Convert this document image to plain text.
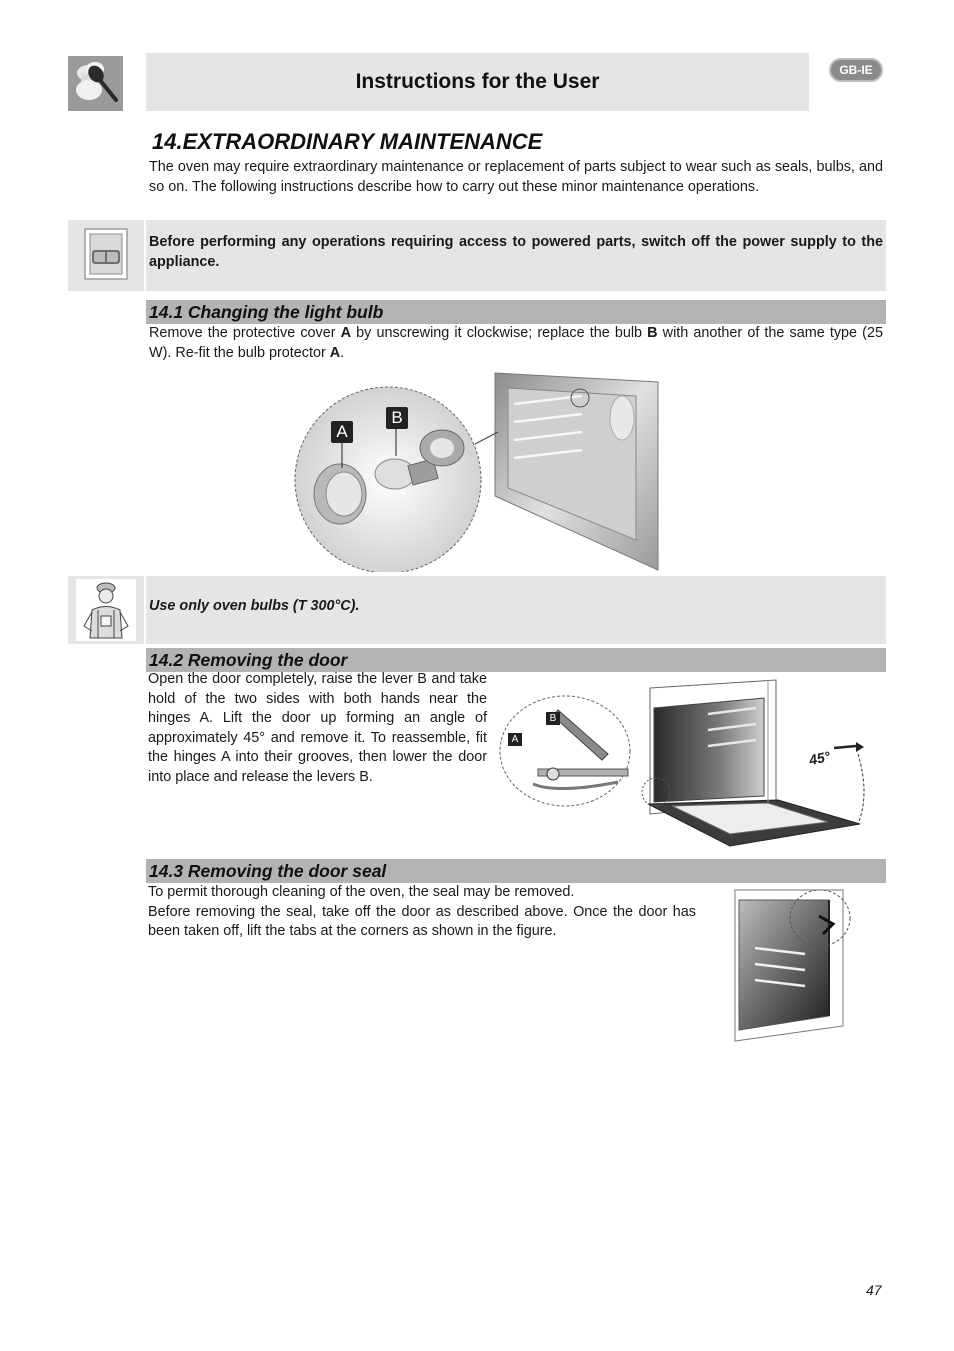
Instructions for the User	GB-IE
14.EXTRAORDINARY MAINTENANCE
The oven may require extraordinary maintenance or replacement of parts subject to wear such as seals, bulbs, and so on. The following instructions describe how to carry out these minor maintenance operations.
Before performing any operations requiring access to powered parts, switch off the power supply to the appliance.
14.1 Changing the light bulb
Remove the protective cover A by unscrewing it clockwise; replace the bulb B with another of the same type (25 W). Re-fit the bulb protector A.
A
B
Use only oven bulbs (T 300°C).
14.2 Removing the door
Open the door completely, raise the lever B and take hold of the two sides with both hands near the hinges A. Lift the door up forming an angle of approximately 45° and remove it. To reassemble, fit the hinges A into their grooves, then lower the door into place and release the levers B.
B
A
45°
14.3 Removing the door seal
To permit thorough cleaning of the oven, the seal may be removed.
Before removing the seal, take off the door as described above. Once the door has been taken off, lift the tabs at the corners as shown in the figure.
47
